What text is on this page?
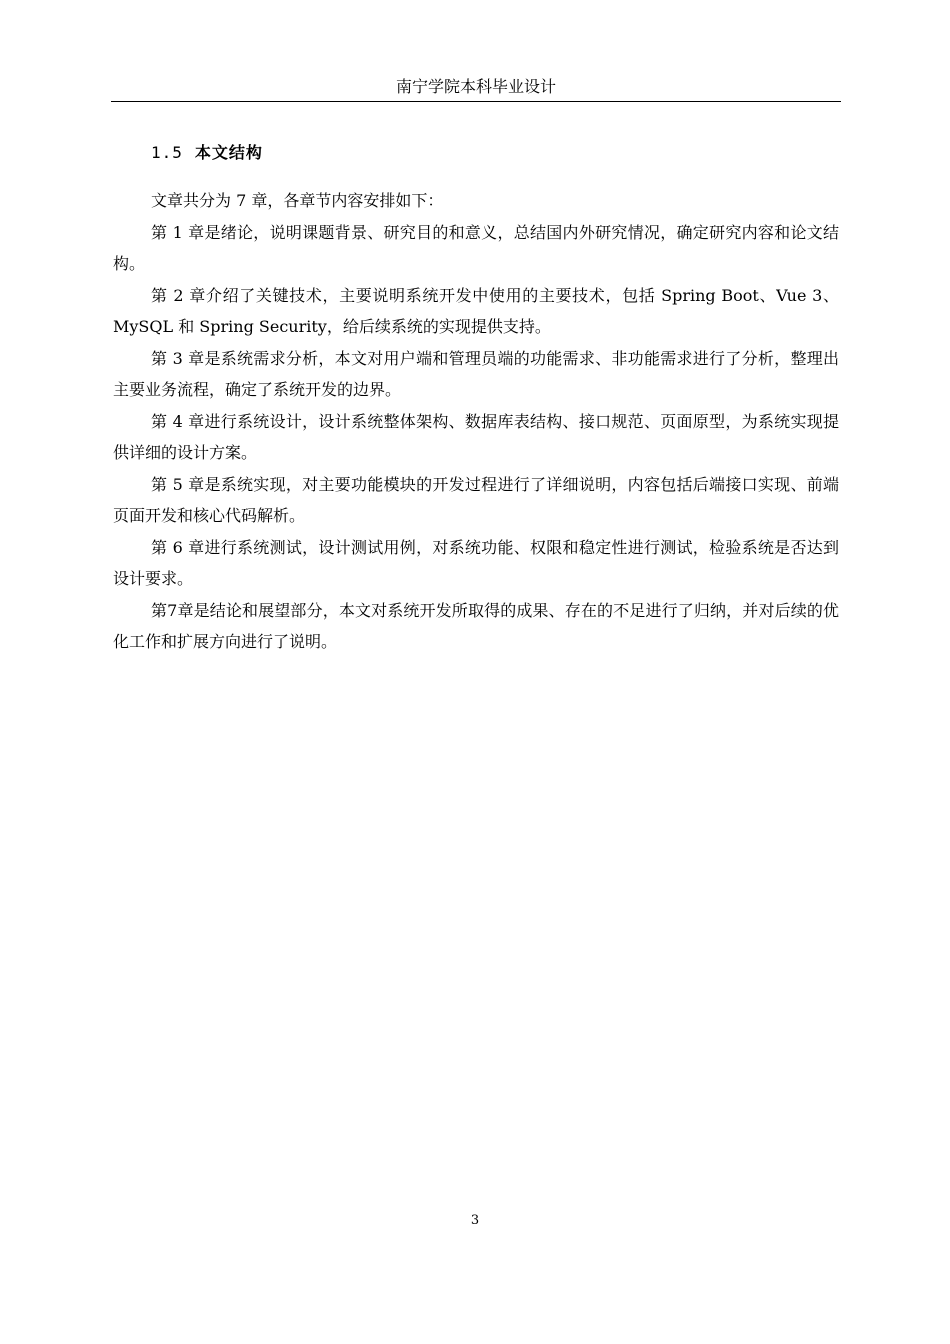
南宁学院本科毕业设计
1.5 本文结构

文章共分为 7 章，各章节内容安排如下：

第 1 章是绪论，说明课题背景、研究目的和意义，总结国内外研究情况，确定研究内容和论文结构。

第 2 章介绍了关键技术，主要说明系统开发中使用的主要技术，包括 Spring Boot、Vue 3、MySQL 和 Spring Security，给后续系统的实现提供支持。

第 3 章是系统需求分析，本文对用户端和管理员端的功能需求、非功能需求进行了分析，整理出主要业务流程，确定了系统开发的边界。

第 4 章进行系统设计，设计系统整体架构、数据库表结构、接口规范、页面原型，为系统实现提供详细的设计方案。

第 5 章是系统实现，对主要功能模块的开发过程进行了详细说明，内容包括后端接口实现、前端页面开发和核心代码解析。

第 6 章进行系统测试，设计测试用例，对系统功能、权限和稳定性进行测试，检验系统是否达到设计要求。

第7章是结论和展望部分，本文对系统开发所取得的成果、存在的不足进行了归纳，并对后续的优化工作和扩展方向进行了说明。

3
